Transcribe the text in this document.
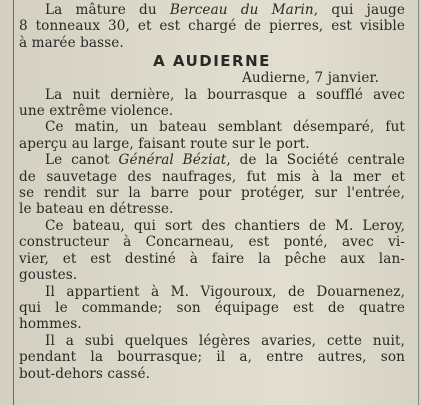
La mâture du Berceau du Marin, qui jauge
8 tonneaux 30, et est chargé de pierres, est visible
à marée basse.
A AUDIERNE
Audierne, 7 janvier.
La nuit dernière, la bourrasque a soufflé avec
une extrême violence.
Ce matin, un bateau semblant désemparé, fut
aperçu au large, faisant route sur le port.
Le canot Général Béziat, de la Société centrale
de sauvetage des naufrages, fut mis à la mer et
se rendit sur la barre pour protéger, sur l'entrée,
le bateau en détresse.
Ce bateau, qui sort des chantiers de M. Leroy,
constructeur à Concarneau, est ponté, avec vi-
vier, et est destiné à faire la pêche aux lan-
goustes.
Il appartient à M. Vigouroux, de Douarnenez,
qui le commande; son équipage est de quatre
hommes.
Il a subi quelques légères avaries, cette nuit,
pendant la bourrasque; il a, entre autres, son
bout-dehors cassé.
